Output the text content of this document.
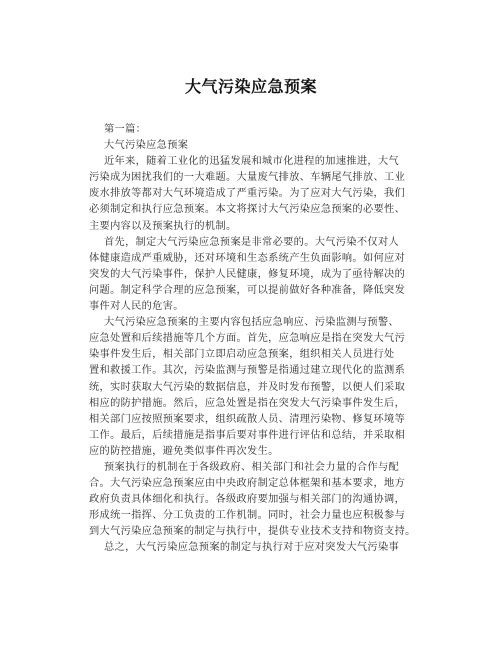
大气污染应急预案
第一篇：
大气污染应急预案
近年来，随着工业化的迅猛发展和城市化进程的加速推进，大气
污染成为困扰我们的一大难题。大量废气排放、车辆尾气排放、工业
废水排放等都对大气环境造成了严重污染。为了应对大气污染，我们
必须制定和执行应急预案。本文将探讨大气污染应急预案的必要性、
主要内容以及预案执行的机制。
首先，制定大气污染应急预案是非常必要的。大气污染不仅对人
体健康造成严重威胁，还对环境和生态系统产生负面影响。如何应对
突发的大气污染事件，保护人民健康，修复环境，成为了亟待解决的
问题。制定科学合理的应急预案，可以提前做好各种准备，降低突发
事件对人民的危害。
大气污染应急预案的主要内容包括应急响应、污染监测与预警、
应急处置和后续措施等几个方面。首先，应急响应是指在突发大气污
染事件发生后，相关部门立即启动应急预案，组织相关人员进行处
置和救援工作。其次，污染监测与预警是指通过建立现代化的监测系
统，实时获取大气污染的数据信息，并及时发布预警，以便人们采取
相应的防护措施。然后，应急处置是指在突发大气污染事件发生后，
相关部门应按照预案要求，组织疏散人员、清理污染物、修复环境等
工作。最后，后续措施是指事后要对事件进行评估和总结，并采取相
应的防控措施，避免类似事件再次发生。
预案执行的机制在于各级政府、相关部门和社会力量的合作与配
合。大气污染应急预案应由中央政府制定总体框架和基本要求，地方
政府负责具体细化和执行。各级政府要加强与相关部门的沟通协调，
形成统一指挥、分工负责的工作机制。同时，社会力量也应积极参与
到大气污染应急预案的制定与执行中，提供专业技术支持和物资支持。
总之，大气污染应急预案的制定与执行对于应对突发大气污染事
